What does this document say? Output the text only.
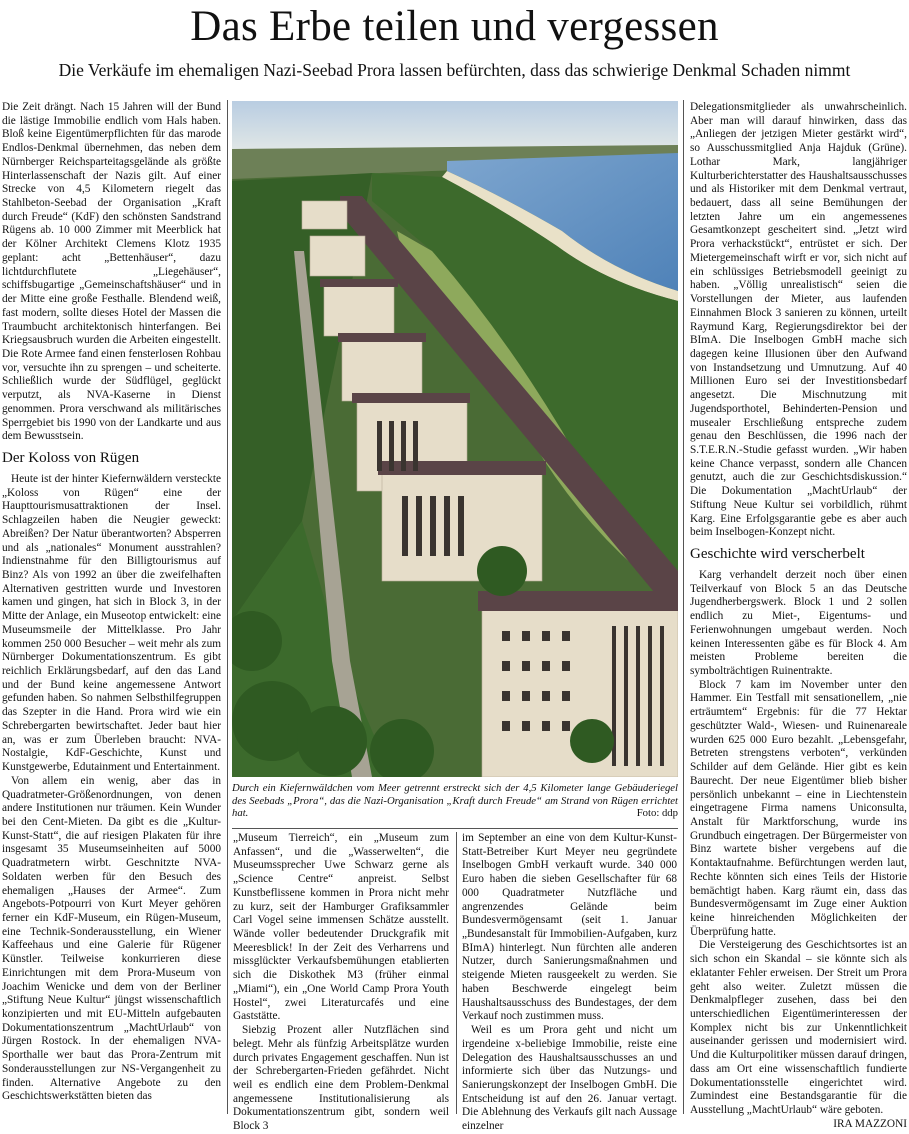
Das Erbe teilen und vergessen
Die Verkäufe im ehemaligen Nazi-Seebad Prora lassen befürchten, dass das schwierige Denkmal Schaden nimmt

Die Zeit drängt. Nach 15 Jahren will der Bund die lästige Immobilie endlich vom Hals haben. Bloß keine Eigentümerpflichten für das marode Endlos-Denkmal übernehmen, das neben dem Nürnberger Reichsparteitagsgelände als größte Hinterlassenschaft der Nazis gilt. Auf einer Strecke von 4,5 Kilometern riegelt das Stahlbeton-Seebad der Organisation „Kraft durch Freude“ (KdF) den schönsten Sandstrand Rügens ab. 10 000 Zimmer mit Meerblick hat der Kölner Architekt Clemens Klotz 1935 geplant: acht „Bettenhäuser“, dazu lichtdurchflutete „Liegehäuser“, schiffsbugartige „Gemeinschaftshäuser“ und in der Mitte eine große Festhalle. Blendend weiß, fast modern, sollte dieses Hotel der Massen die Traumbucht architektonisch hinterfangen. Bei Kriegsausbruch wurden die Arbeiten eingestellt. Die Rote Armee fand einen fensterlosen Rohbau vor, versuchte ihn zu sprengen – und scheiterte. Schließlich wurde der Südflügel, geglückt verputzt, als NVA-Kaserne in Dienst genommen. Prora verschwand als militärisches Sperrgebiet bis 1990 von der Landkarte und aus dem Bewusstsein.

Der Koloss von Rügen

Heute ist der hinter Kiefernwäldern versteckte „Koloss von Rügen“ eine der Haupttourismusattraktionen der Insel. Schlagzeilen haben die Neugier geweckt: Abreißen? Der Natur überantworten? Absperren und als „nationales“ Monument ausstrahlen? Indienstnahme für den Billigtourismus auf Binz? Als von 1992 an über die zweifelhaften Alternativen gestritten wurde und Investoren kamen und gingen, hat sich in Block 3, in der Mitte der Anlage, ein Museotop entwickelt: eine Museumsmeile der Mittelklasse. Pro Jahr kommen 250 000 Besucher – weit mehr als zum Nürnberger Dokumentationszentrum. Es gibt reichlich Erklärungsbedarf, auf den das Land und der Bund keine angemessene Antwort gefunden haben. So nahmen Selbsthilfegruppen das Szepter in die Hand. Prora wird wie ein Schrebergarten bewirtschaftet. Jeder baut hier an, was er zum Überleben braucht: NVA-Nostalgie, KdF-Geschichte, Kunst und Kunstgewerbe, Edutainment und Entertainment.

Von allem ein wenig, aber das in Quadratmeter-Größenordnungen, von denen andere Institutionen nur träumen. Kein Wunder bei den Cent-Mieten. Da gibt es die „Kultur-Kunst-Statt“, die auf riesigen Plakaten für ihre insgesamt 35 Museumseinheiten auf 5000 Quadratmetern wirbt. Geschnitzte NVA-Soldaten werben für den Besuch des ehemaligen „Hauses der Armee“. Zum Angebots-Potpourri von Kurt Meyer gehören ferner ein KdF-Museum, ein Rügen-Museum, eine Technik-Sonderausstellung, ein Wiener Kaffeehaus und eine Galerie für Rügener Künstler. Teilweise konkurrieren diese Einrichtungen mit dem Prora-Museum von Joachim Wenicke und dem von der Berliner „Stiftung Neue Kultur“ jüngst wissenschaftlich konzipierten und mit EU-Mitteln aufgebauten Dokumentationszentrum „MachtUrlaub“ von Jürgen Rostock. In der ehemaligen NVA-Sporthalle wer baut das Prora-Zentrum mit Sonderausstellungen zur NS-Vergangenheit zu finden. Alternative Angebote zu den Geschichtswerkstätten bieten das

Durch ein Kiefernwäldchen vom Meer getrennt erstreckt sich der 4,5 Kilometer lange Gebäuderiegel des Seebads „Prora“, das die Nazi-Organisation „Kraft durch Freude“ am Strand von Rügen errichtet hat.	Foto: ddp

„Museum Tierreich“, ein „Museum zum Anfassen“, und die „Wasserwelten“, die Museumssprecher Uwe Schwarz gerne als „Science Centre“ anpreist. Selbst Kunstbeflissene kommen in Prora nicht mehr zu kurz, seit der Hamburger Grafiksammler Carl Vogel seine immensen Schätze ausstellt. Wände voller bedeutender Druckgrafik mit Meeresblick! In der Zeit des Verharrens und missglückter Verkaufsbemühungen etablierten sich die Diskothek M3 (früher einmal „Miami“), ein „One World Camp Prora Youth Hostel“, zwei Literaturcafés und eine Gaststätte.

Siebzig Prozent aller Nutzflächen sind belegt. Mehr als fünfzig Arbeitsplätze wurden durch privates Engagement geschaffen. Nun ist der Schrebergarten-Frieden gefährdet. Nicht weil es endlich eine dem Problem-Denkmal angemessene Institutionalisierung als Dokumentationszentrum gibt, sondern weil Block 3

im September an eine von dem Kultur-Kunst-Statt-Betreiber Kurt Meyer neu gegründete Inselbogen GmbH verkauft wurde. 340 000 Euro haben die sieben Gesellschafter für 68 000 Quadratmeter Nutzfläche und angrenzendes Gelände beim Bundesvermögensamt (seit 1. Januar „Bundesanstalt für Immobilien-Aufgaben, kurz BImA) hinterlegt. Nun fürchten alle anderen Nutzer, durch Sanierungsmaßnahmen und steigende Mieten rausgeekelt zu werden. Sie haben Beschwerde eingelegt beim Haushaltsausschuss des Bundestages, der dem Verkauf noch zustimmen muss.

Weil es um Prora geht und nicht um irgendeine x-beliebige Immobilie, reiste eine Delegation des Haushaltsausschusses an und informierte sich über das Nutzungs- und Sanierungskonzept der Inselbogen GmbH. Die Entscheidung ist auf den 26. Januar vertagt. Die Ablehnung des Verkaufs gilt nach Aussage einzelner

Delegationsmitglieder als unwahrscheinlich. Aber man will darauf hinwirken, dass das „Anliegen der jetzigen Mieter gestärkt wird“, so Ausschussmitglied Anja Hajduk (Grüne). Lothar Mark, langjähriger Kulturberichterstatter des Haushaltsausschusses und als Historiker mit dem Denkmal vertraut, bedauert, dass all seine Bemühungen der letzten Jahre um ein angemessenes Gesamtkonzept gescheitert sind. „Jetzt wird Prora verhackstückt“, entrüstet er sich. Der Mietergemeinschaft wirft er vor, sich nicht auf ein schlüssiges Betriebsmodell geeinigt zu haben. „Völlig unrealistisch“ seien die Vorstellungen der Mieter, aus laufenden Einnahmen Block 3 sanieren zu können, urteilt Raymund Karg, Regierungsdirektor bei der BImA. Die Inselbogen GmbH mache sich dagegen keine Illusionen über den Aufwand von Instandsetzung und Umnutzung. Auf 40 Millionen Euro sei der Investitionsbedarf angesetzt. Die Mischnutzung mit Jugendsporthotel, Behinderten-Pension und musealer Erschließung entspreche zudem genau den Beschlüssen, die 1996 nach der S.T.E.R.N.-Studie gefasst wurden. „Wir haben keine Chance verpasst, sondern alle Chancen genutzt, auch die zur Geschichtsdiskussion.“ Die Dokumentation „MachtUrlaub“ der Stiftung Neue Kultur sei vorbildlich, rühmt Karg. Eine Erfolgsgarantie gebe es aber auch beim Inselbogen-Konzept nicht.

Geschichte wird verscherbelt

Karg verhandelt derzeit noch über einen Teilverkauf von Block 5 an das Deutsche Jugendherbergswerk. Block 1 und 2 sollen endlich zu Miet-, Eigentums- und Ferienwohnungen umgebaut werden. Noch keinen Interessenten gäbe es für Block 4. Am meisten Probleme bereiten die symbolträchtigen Ruinentrakte.

Block 7 kam im November unter den Hammer. Ein Testfall mit sensationellem, „nie erträumtem“ Ergebnis: für die 77 Hektar geschützter Wald-, Wiesen- und Ruinenareale wurden 625 000 Euro bezahlt. „Lebensgefahr, Betreten strengstens verboten“, verkünden Schilder auf dem Gelände. Hier gibt es kein Baurecht. Der neue Eigentümer blieb bisher persönlich unbekannt – eine in Liechtenstein eingetragene Firma namens Uniconsulta, Anstalt für Marktforschung, wurde ins Grundbuch eingetragen. Der Bürgermeister von Binz wartete bisher vergebens auf die Kontaktaufnahme. Befürchtungen werden laut, Rechte könnten sich eines Teils der Historie bemächtigt haben. Karg räumt ein, dass das Bundesvermögensamt im Zuge einer Auktion keine hinreichenden Möglichkeiten der Überprüfung hatte.

Die Versteigerung des Geschichtsortes ist an sich schon ein Skandal – sie könnte sich als eklatanter Fehler erweisen. Der Streit um Prora geht also weiter. Zuletzt müssen die Denkmalpfleger zusehen, dass bei den unterschiedlichen Eigentümerinteressen der Komplex nicht bis zur Unkenntlichkeit auseinander gerissen und modernisiert wird. Und die Kulturpolitiker müssen darauf dringen, dass am Ort eine wissenschaftlich fundierte Dokumentationsstelle eingerichtet wird. Zumindest eine Bestandsgarantie für die Ausstellung „MachtUrlaub“ wäre geboten.

IRA MAZZONI
